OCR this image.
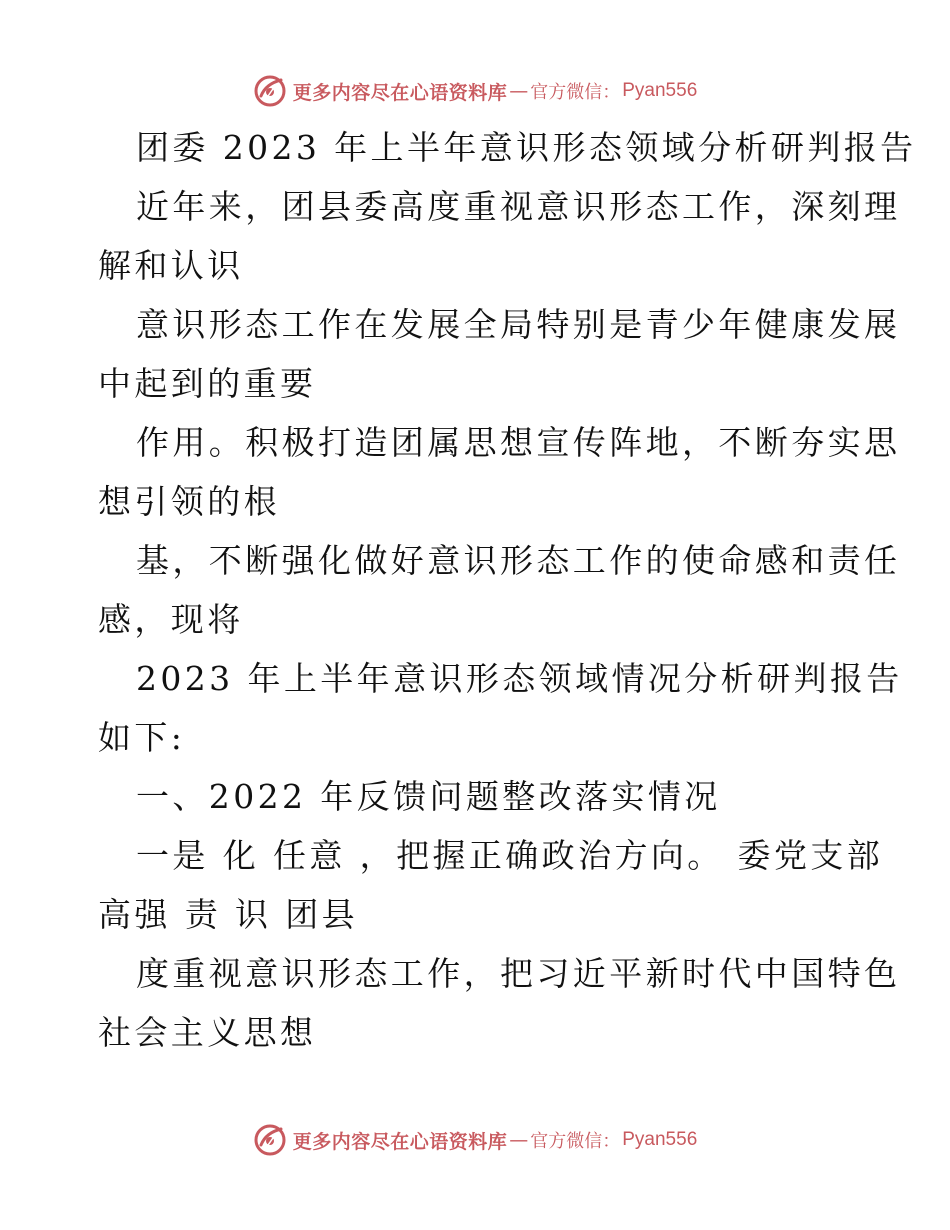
更多内容尽在心语资料库 — 官方微信： Pyan556
团委 2023 年上半年意识形态领域分析研判报告
近年来，团县委高度重视意识形态工作，深刻理
解和认识
意识形态工作在发展全局特别是青少年健康发展
中起到的重要
作用。积极打造团属思想宣传阵地，不断夯实思
想引领的根
基，不断强化做好意识形态工作的使命感和责任
感，现将
2023 年上半年意识形态领域情况分析研判报告
如下:
一、2022 年反馈问题整改落实情况
一是 化 任意 ，把握正确政治方向。 委党支部
高强 责 识 团县
度重视意识形态工作，把习近平新时代中国特色
社会主义思想
更多内容尽在心语资料库 — 官方微信： Pyan556
